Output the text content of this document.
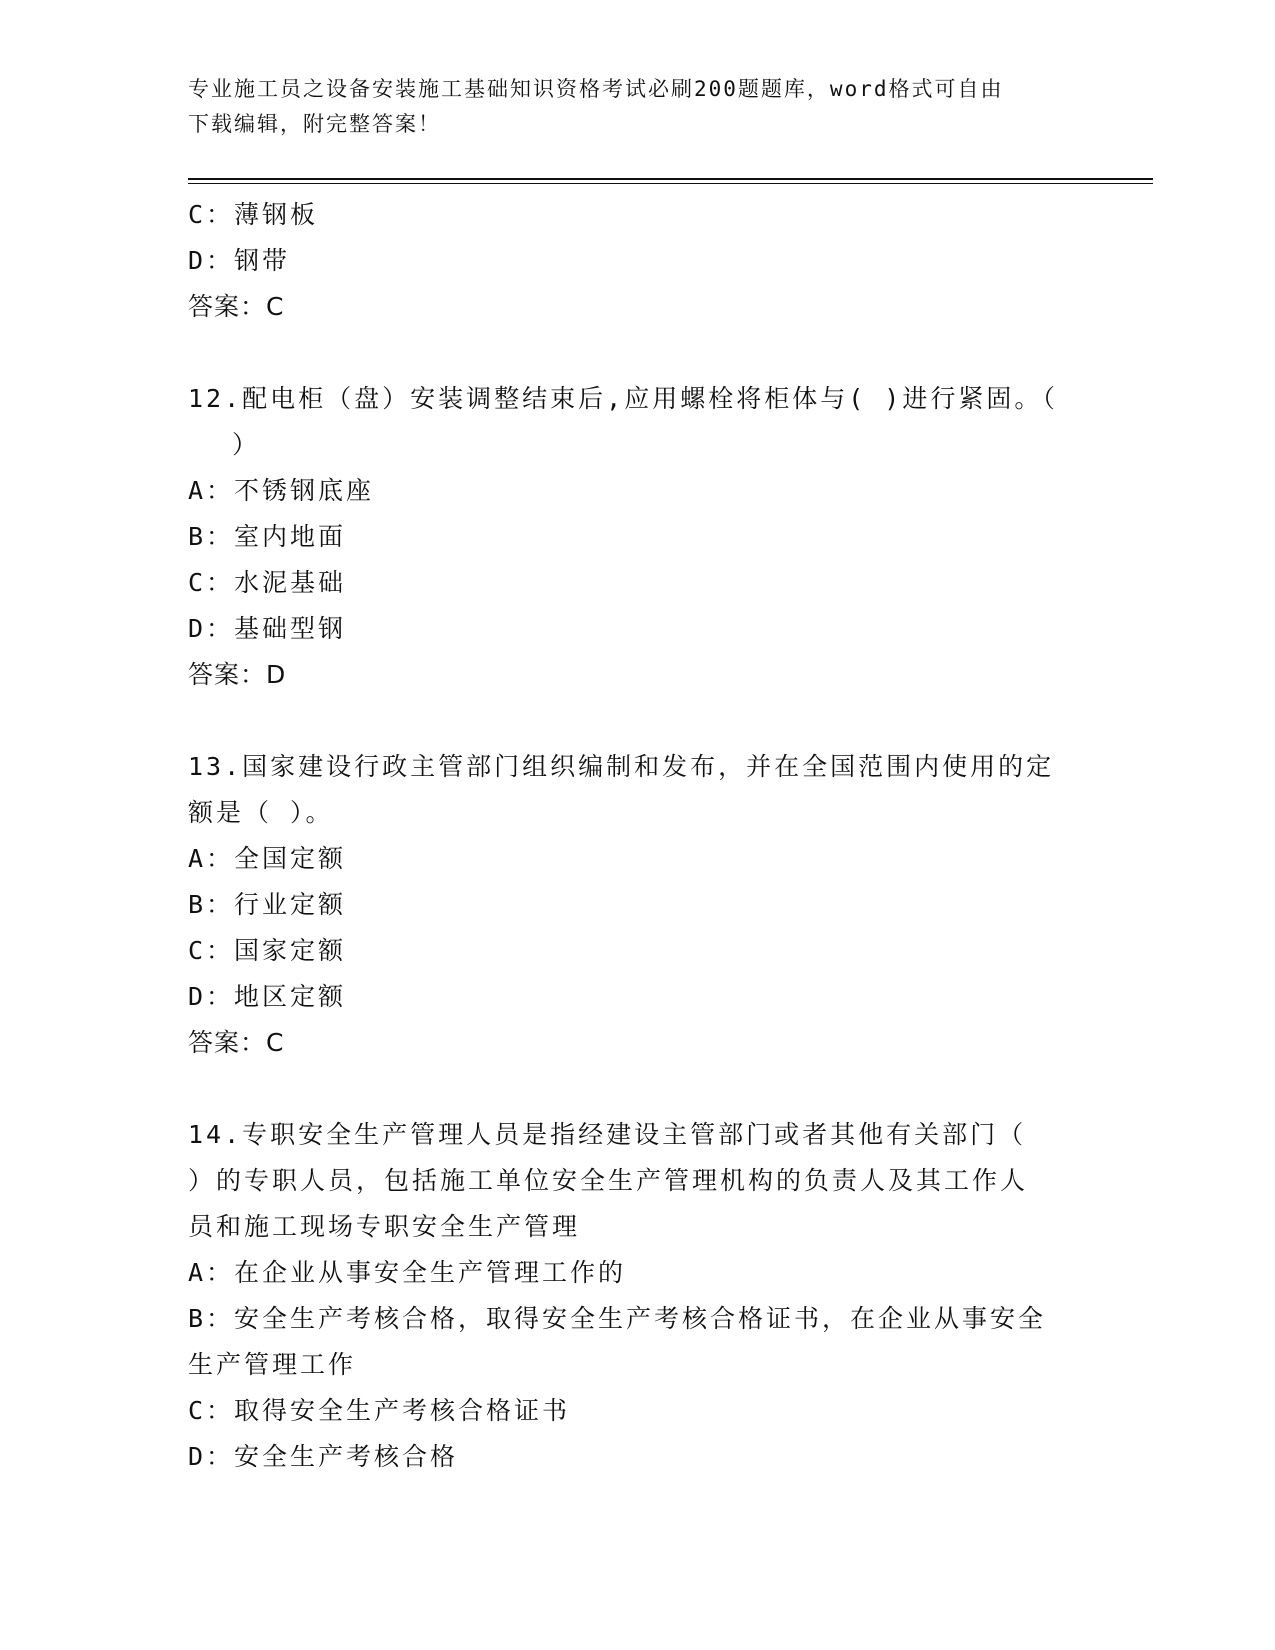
专业施工员之设备安装施工基础知识资格考试必刷200题题库，word格式可自由
下载编辑，附完整答案！
C：薄钢板
D：钢带
答案：C
12.配电柜（盘）安装调整结束后,应用螺栓将柜体与( )进行紧固。（
）
A：不锈钢底座
B：室内地面
C：水泥基础
D：基础型钢
答案：D
13.国家建设行政主管部门组织编制和发布，并在全国范围内使用的定
额是（ ）。
A：全国定额
B：行业定额
C：国家定额
D：地区定额
答案：C
14.专职安全生产管理人员是指经建设主管部门或者其他有关部门（
）的专职人员，包括施工单位安全生产管理机构的负责人及其工作人
员和施工现场专职安全生产管理
A：在企业从事安全生产管理工作的
B：安全生产考核合格，取得安全生产考核合格证书，在企业从事安全
生产管理工作
C：取得安全生产考核合格证书
D：安全生产考核合格
